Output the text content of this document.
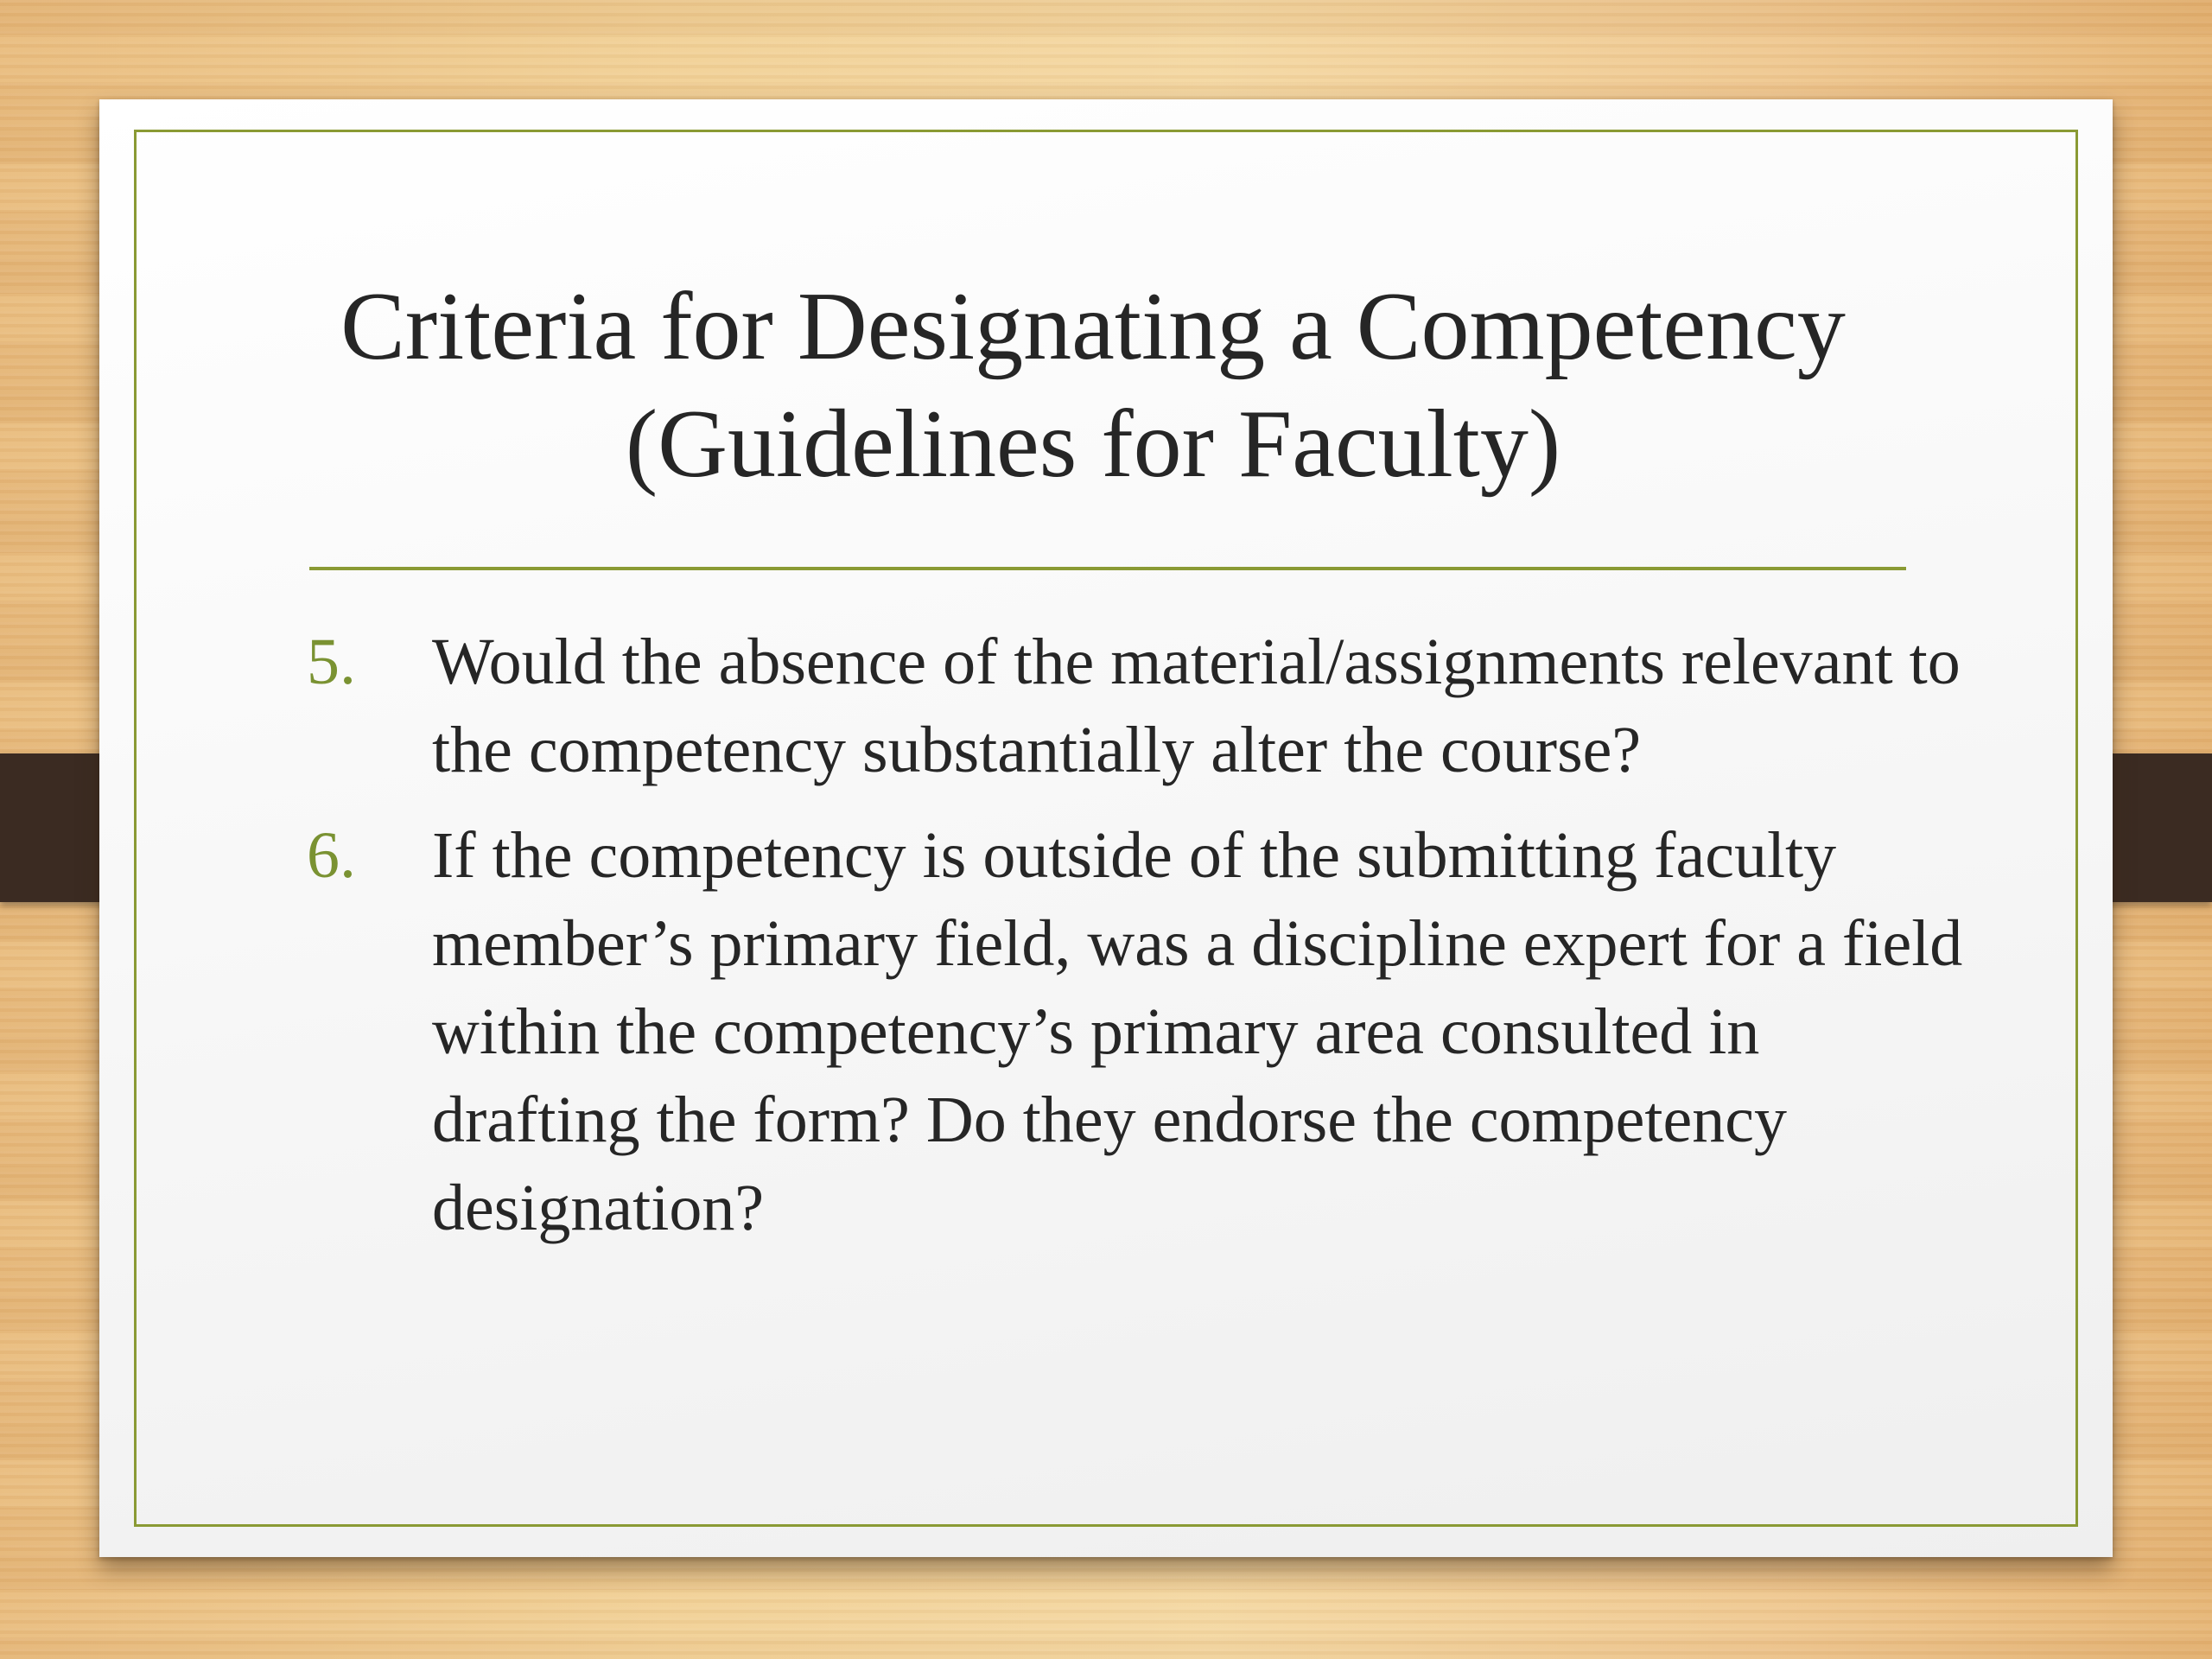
Criteria for Designating a Competency
(Guidelines for Faculty)
5.	Would the absence of the material/assignments relevant to the competency substantially alter the course?
6.	If the competency is outside of the submitting faculty member’s primary field, was a discipline expert for a field within the competency’s primary area consulted in drafting the form? Do they endorse the competency designation?
